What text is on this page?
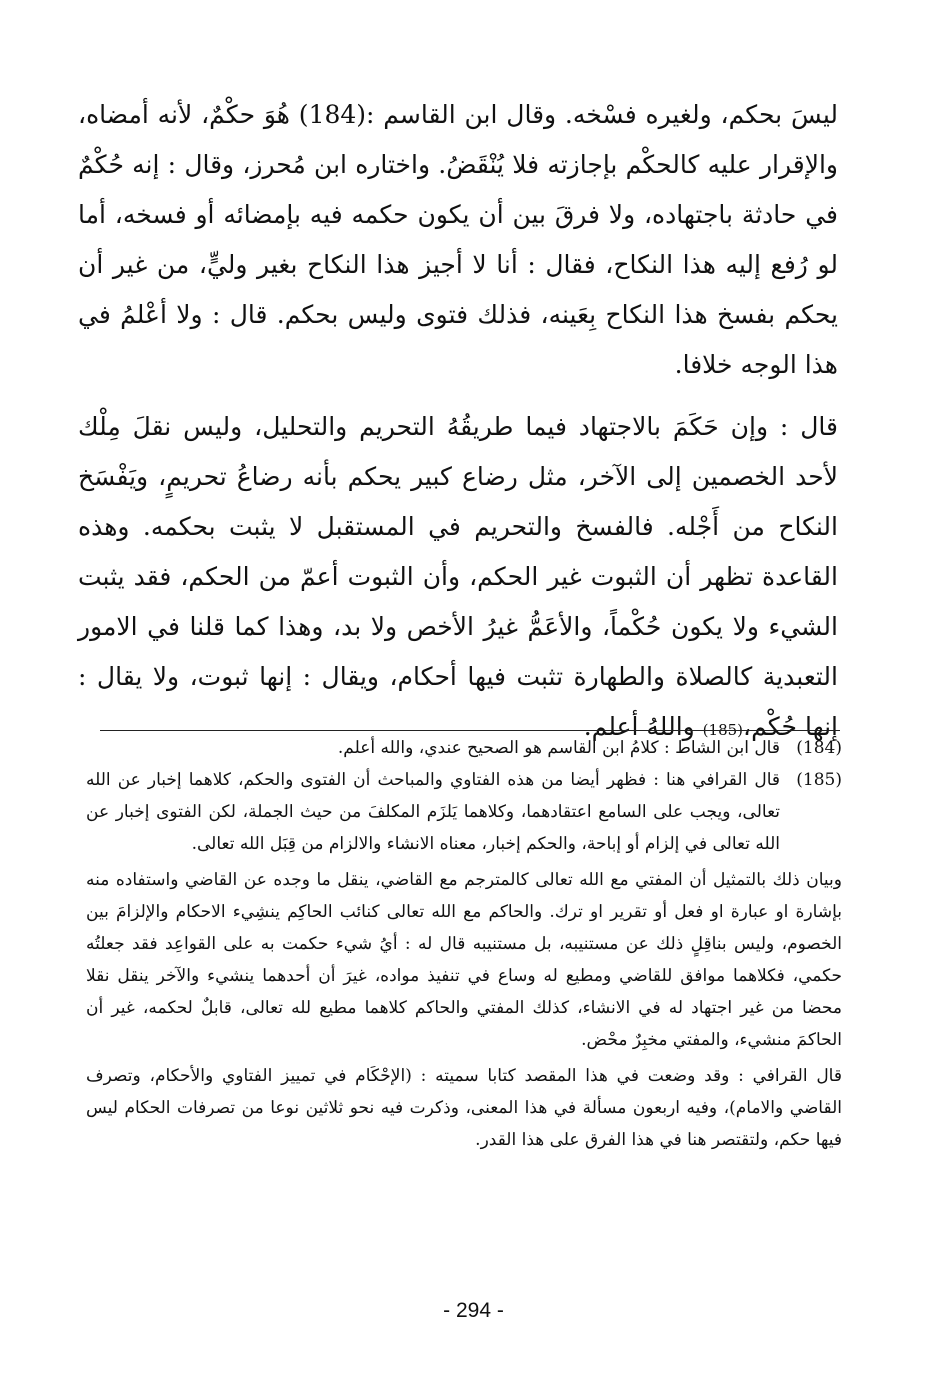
ليسَ بحكم، ولغيره فسْخه. وقال ابن القاسم :(184) هُوَ حكْمٌ، لأنه أمضاه، والإقرار عليه كالحكْم بإجازته فلا يُنْقَضُ. واختاره ابن مُحرز، وقال : إنه حُكْمٌ في حادثة باجتهاده، ولا فرقَ بين أن يكون حكمه فيه بإمضائه أو فسخه، أما لو رُفع إليه هذا النكاح، فقال : أنا لا أجيز هذا النكاح بغير وليٍّ، من غير أن يحكم بفسخ هذا النكاح بِعَينه، فذلك فتوى وليس بحكم. قال : ولا أعْلمُ في هذا الوجه خلافا.

قال : وإن حَكَمَ بالاجتهاد فيما طريقُهُ التحريم والتحليل، وليس نقلَ مِلْك لأحد الخصمين إلى الآخر، مثل رضاع كبير يحكم بأنه رضاعُ تحريمٍ، ويَفْسَخ النكاح من أَجْله. فالفسخ والتحريم في المستقبل لا يثبت بحكمه. وهذه القاعدة تظهر أن الثبوت غير الحكم، وأن الثبوت أعمّ من الحكم، فقد يثبت الشيء ولا يكون حُكْماً، والأعَمُّ غيرُ الأخص ولا بد، وهذا كما قلنا في الامور التعبدية كالصلاة والطهارة تثبت فيها أحكام، ويقال : إنها ثبوت، ولا يقال : إنها حُكْم،(185) واللهُ أعلم.

(184)
قال ابن الشاط : كلامُ ابن القاسم هو الصحيح عندي، والله أعلم.
(185)
قال القرافي هنا : فظهر أيضا من هذه الفتاوي والمباحث أن الفتوى والحكم، كلاهما إخبار عن الله تعالى، ويجب على السامع اعتقادهما، وكلاهما يَلزَم المكلفَ من حيث الجملة، لكن الفتوى إخبار عن الله تعالى في إلزام أو إباحة، والحكم إخبار، معناه الانشاء والالزام من قِبَل الله تعالى.

وبيان ذلك بالتمثيل أن المفتي مع الله تعالى كالمترجم مع القاضي، ينقل ما وجده عن القاضي واستفاده منه بإشارة او عبارة او فعل أو تقرير او ترك. والحاكم مع الله تعالى كنائب الحاكِم ينشِيء الاحكام والإلزامَ بين الخصوم، وليس بناقِلٍ ذلك عن مستنيبه، بل مستنيبه قال له : أيُ شيء حكمت به على القواعِد فقد جعلتُه حكمي، فكلاهما موافق للقاضي ومطيع له وساع في تنفيذ مواده، غيرَ أن أحدهما ينشيء والآخر ينقل نقلا محضا من غير اجتهاد له في الانشاء، كذلك المفتي والحاكم كلاهما مطيع لله تعالى، قابلٌ لحكمه، غير أن الحاكمَ منشيء، والمفتي مخبِرٌ محْض.

قال القرافي : وقد وضعت في هذا المقصد كتابا سميته : (الإحْكَام في تمييز الفتاوي والأحكام، وتصرف القاضي والامام)، وفيه اربعون مسألة في هذا المعنى، وذكرت فيه نحو ثلاثين نوعا من تصرفات الحكام ليس فيها حكم، ولتقتصر هنا في هذا الفرق على هذا القدر.

- 294 -
